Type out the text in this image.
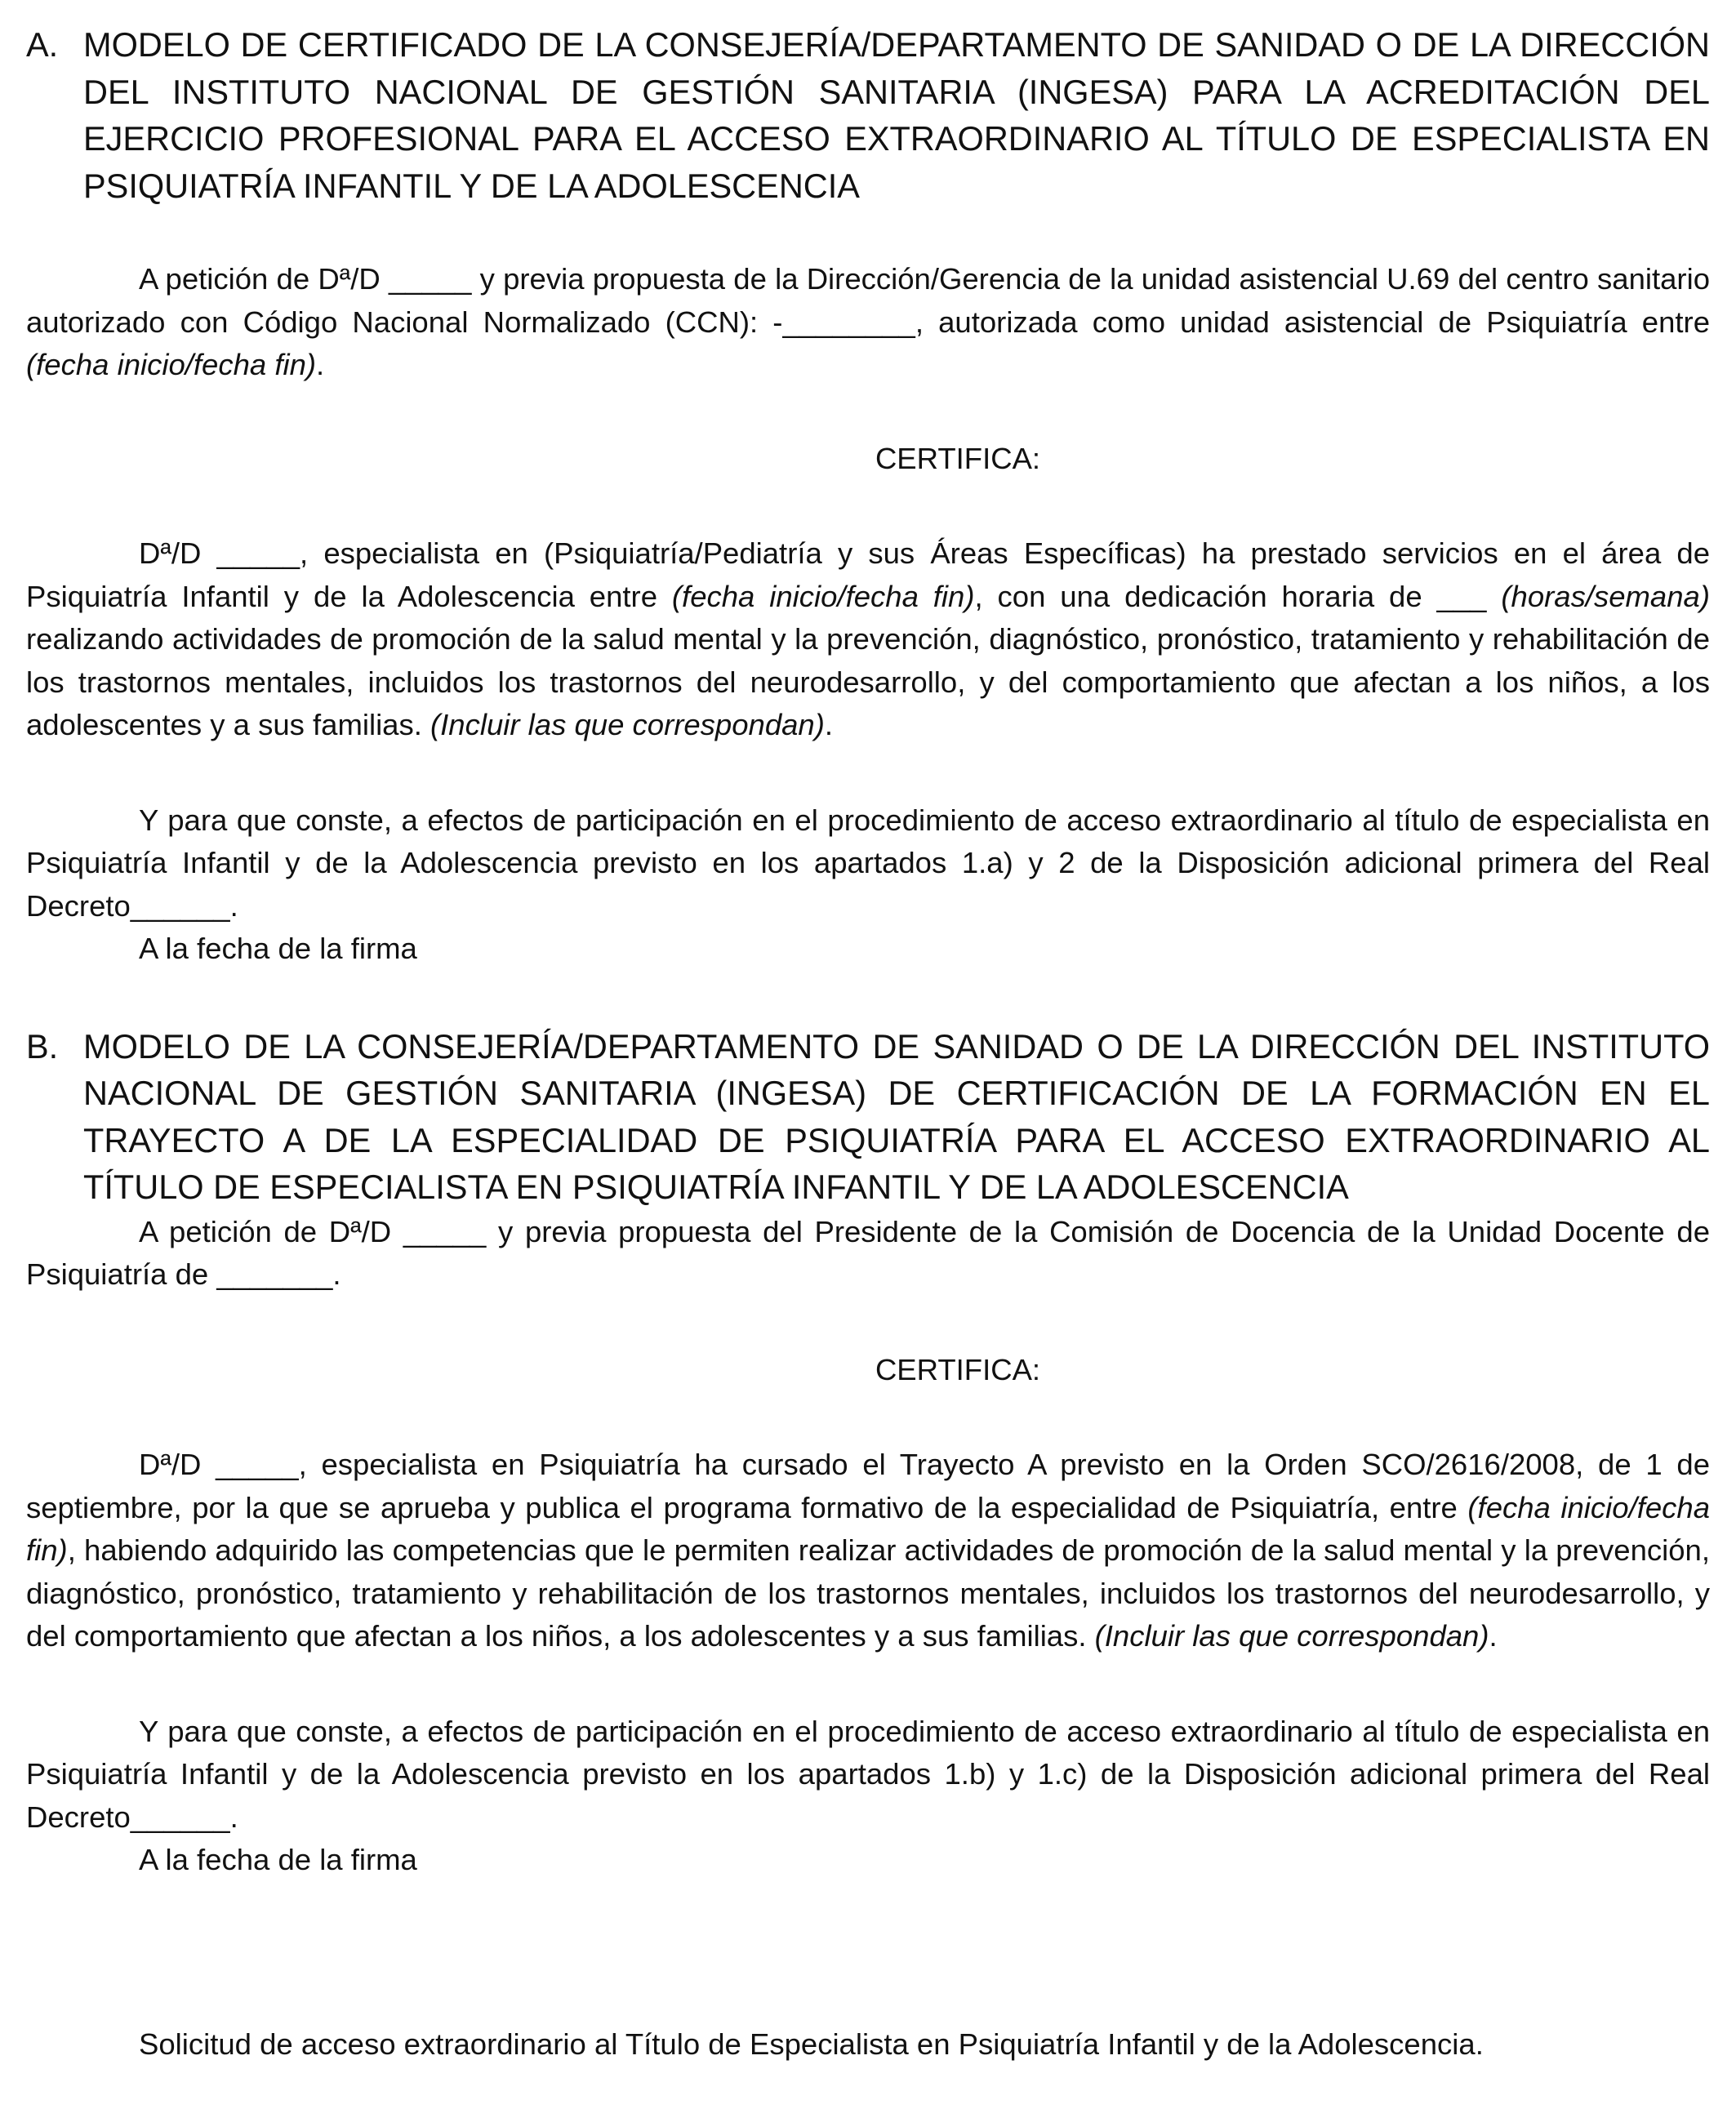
A. MODELO DE CERTIFICADO DE LA CONSEJERÍA/DEPARTAMENTO DE SANIDAD O DE LA DIRECCIÓN DEL INSTITUTO NACIONAL DE GESTIÓN SANITARIA (INGESA) PARA LA ACREDITACIÓN DEL EJERCICIO PROFESIONAL PARA EL ACCESO EXTRAORDINARIO AL TÍTULO DE ESPECIALISTA EN PSIQUIATRÍA INFANTIL Y DE LA ADOLESCENCIA

A petición de Dª/D _____ y previa propuesta de la Dirección/Gerencia de la unidad asistencial U.69 del centro sanitario autorizado con Código Nacional Normalizado (CCN): -________, autorizada como unidad asistencial de Psiquiatría entre (fecha inicio/fecha fin).

CERTIFICA:

Dª/D _____, especialista en (Psiquiatría/Pediatría y sus Áreas Específicas) ha prestado servicios en el área de Psiquiatría Infantil y de la Adolescencia entre (fecha inicio/fecha fin), con una dedicación horaria de ___ (horas/semana) realizando actividades de promoción de la salud mental y la prevención, diagnóstico, pronóstico, tratamiento y rehabilitación de los trastornos mentales, incluidos los trastornos del neurodesarrollo, y del comportamiento que afectan a los niños, a los adolescentes y a sus familias. (Incluir las que correspondan).

Y para que conste, a efectos de participación en el procedimiento de acceso extraordinario al título de especialista en Psiquiatría Infantil y de la Adolescencia previsto en los apartados 1.a) y 2 de la Disposición adicional primera del Real Decreto______.

A la fecha de la firma

B. MODELO DE LA CONSEJERÍA/DEPARTAMENTO DE SANIDAD O DE LA DIRECCIÓN DEL INSTITUTO NACIONAL DE GESTIÓN SANITARIA (INGESA) DE CERTIFICACIÓN DE LA FORMACIÓN EN EL TRAYECTO A DE LA ESPECIALIDAD DE PSIQUIATRÍA PARA EL ACCESO EXTRAORDINARIO AL TÍTULO DE ESPECIALISTA EN PSIQUIATRÍA INFANTIL Y DE LA ADOLESCENCIA

A petición de Dª/D _____ y previa propuesta del Presidente de la Comisión de Docencia de la Unidad Docente de Psiquiatría de _______.

CERTIFICA:

Dª/D _____, especialista en Psiquiatría ha cursado el Trayecto A previsto en la Orden SCO/2616/2008, de 1 de septiembre, por la que se aprueba y publica el programa formativo de la especialidad de Psiquiatría, entre (fecha inicio/fecha fin), habiendo adquirido las competencias que le permiten realizar actividades de promoción de la salud mental y la prevención, diagnóstico, pronóstico, tratamiento y rehabilitación de los trastornos mentales, incluidos los trastornos del neurodesarrollo, y del comportamiento que afectan a los niños, a los adolescentes y a sus familias. (Incluir las que correspondan).

Y para que conste, a efectos de participación en el procedimiento de acceso extraordinario al título de especialista en Psiquiatría Infantil y de la Adolescencia previsto en los apartados 1.b) y 1.c) de la Disposición adicional primera del Real Decreto______.

A la fecha de la firma

Solicitud de acceso extraordinario al Título de Especialista en Psiquiatría Infantil y de la Adolescencia.
